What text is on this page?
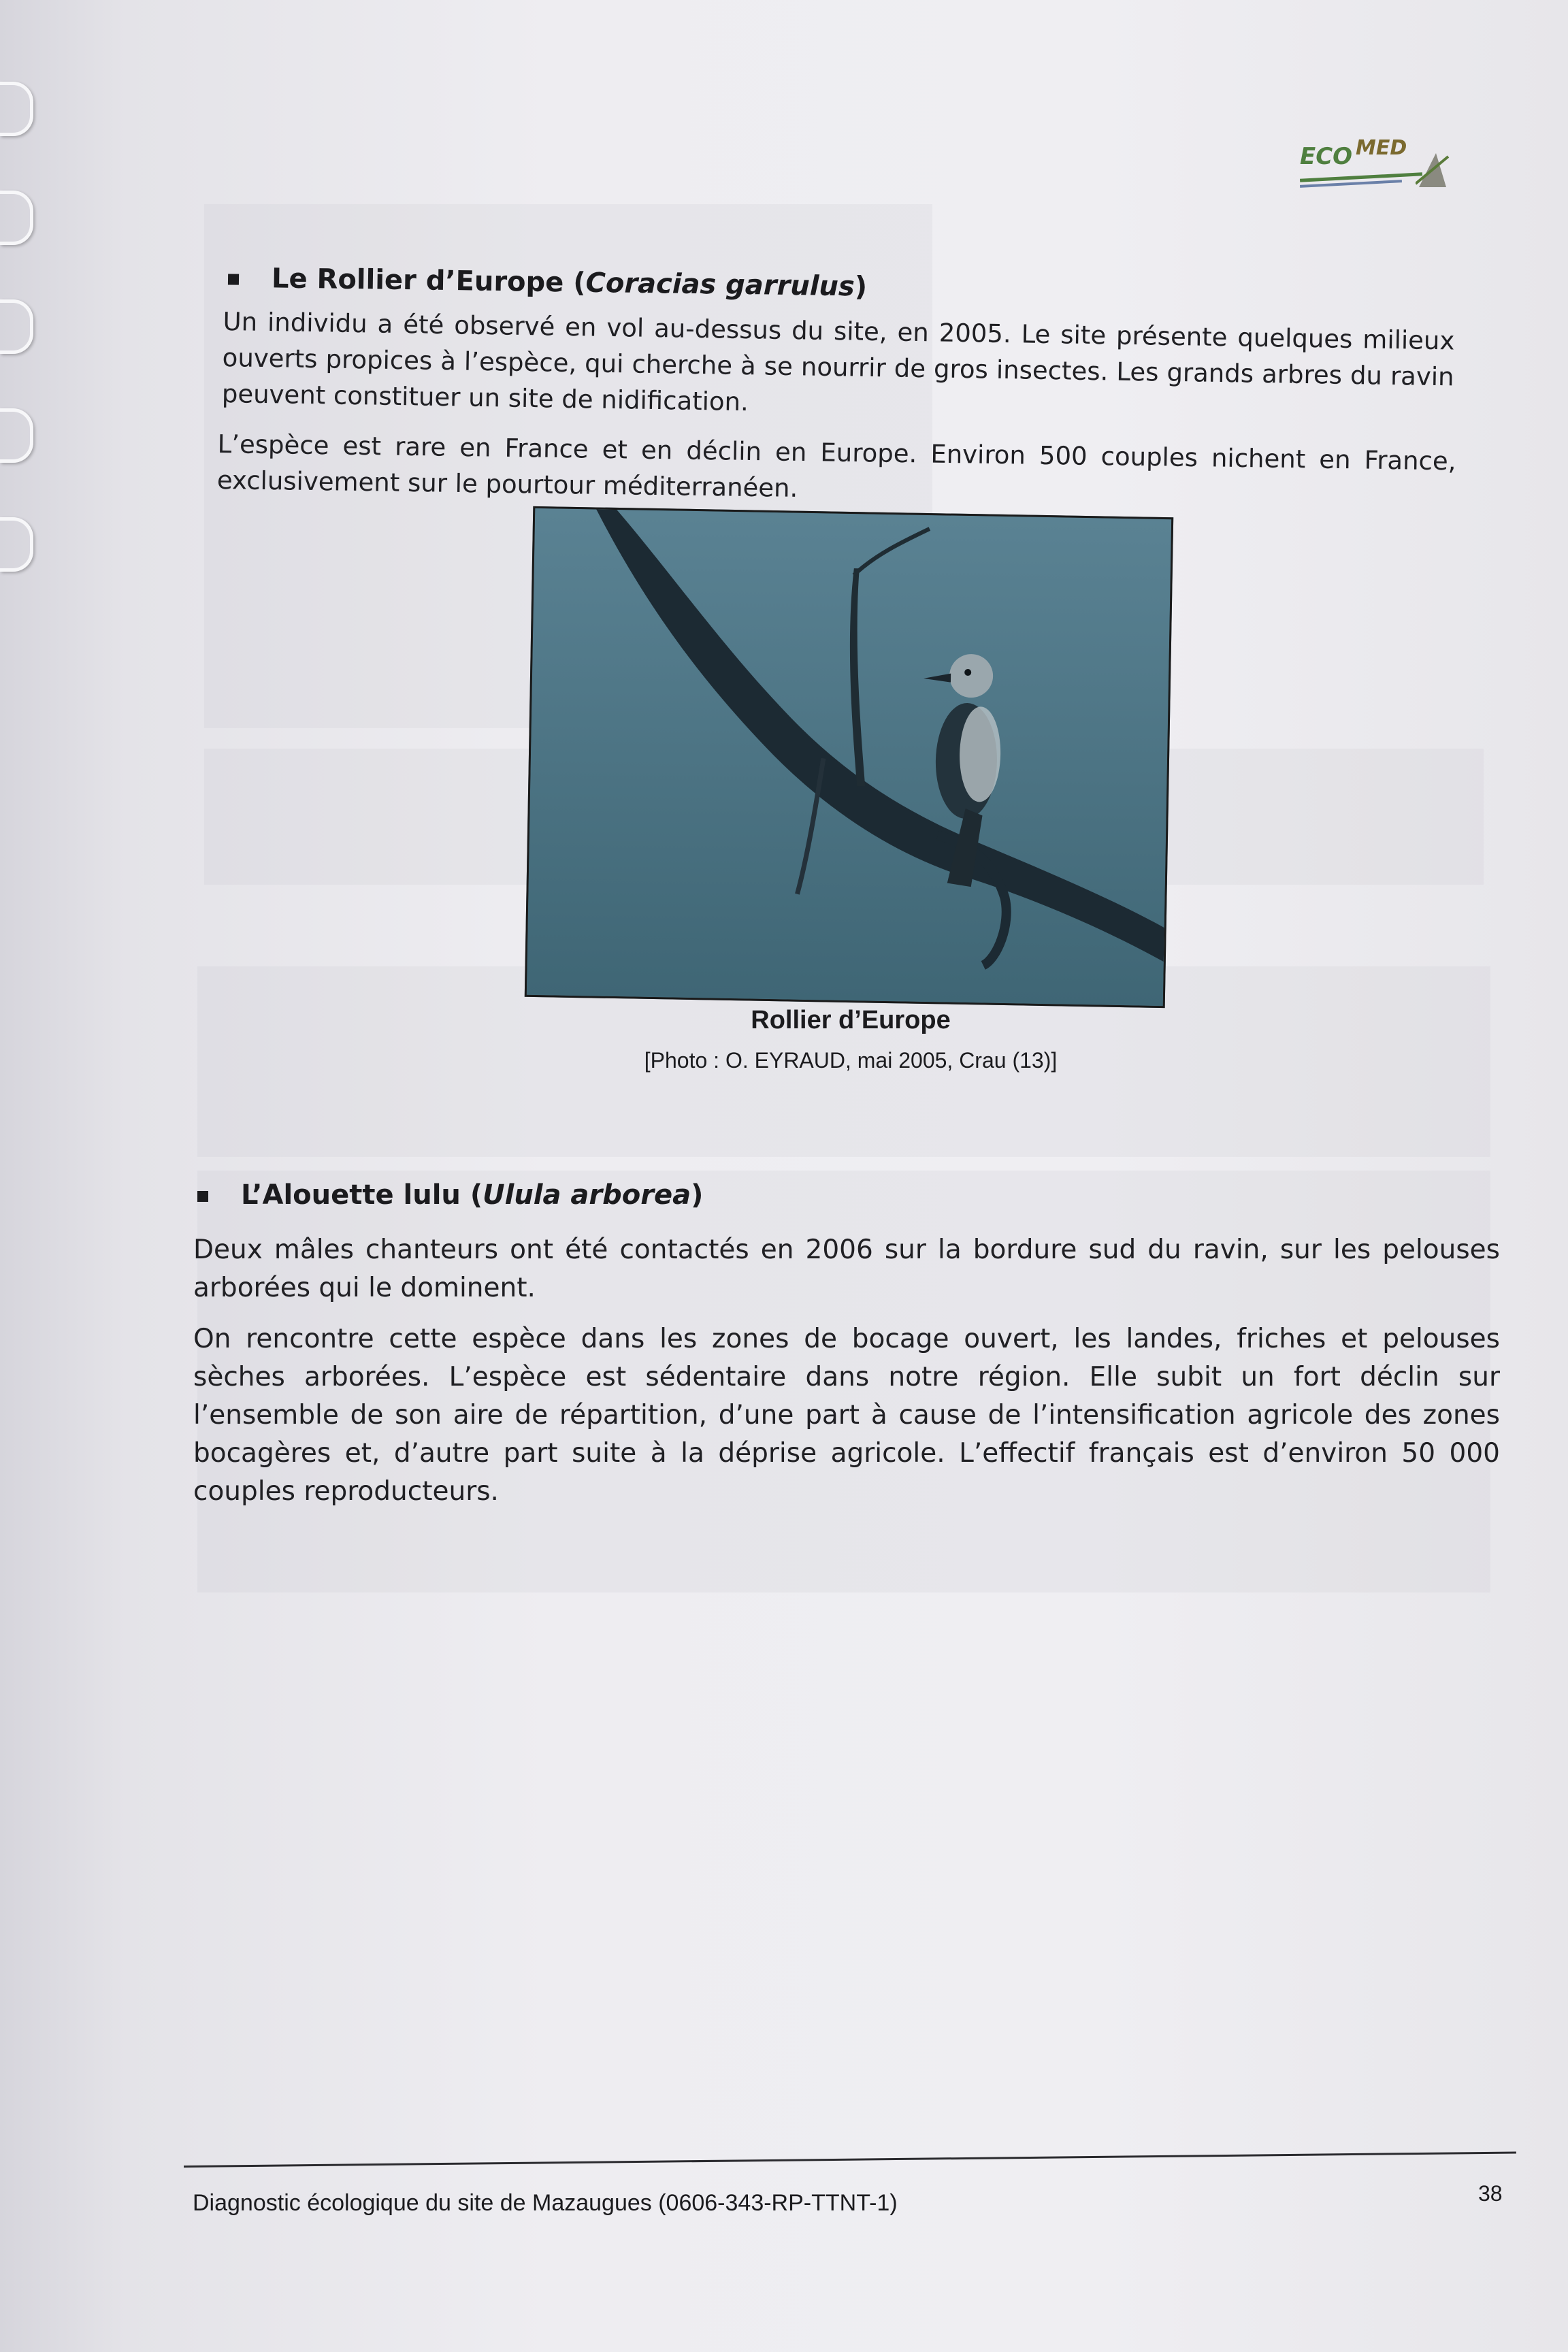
ECO MED
Le Rollier d’Europe (Coracias garrulus)

Un individu a été observé en vol au-dessus du site, en 2005. Le site présente quelques milieux ouverts propices à l’espèce, qui cherche à se nourrir de gros insectes. Les grands arbres du ravin peuvent constituer un site de nidification.

L’espèce est rare en France et en déclin en Europe. Environ 500 couples nichent en France, exclusivement sur le pourtour méditerranéen.

Rollier d’Europe
[Photo : O. EYRAUD, mai 2005, Crau (13)]
L’Alouette lulu (Ulula arborea)

Deux mâles chanteurs ont été contactés en 2006 sur la bordure sud du ravin, sur les pelouses arborées qui le dominent.

On rencontre cette espèce dans les zones de bocage ouvert, les landes, friches et pelouses sèches arborées. L’espèce est sédentaire dans notre région. Elle subit un fort déclin sur l’ensemble de son aire de répartition, d’une part à cause de l’intensification agricole des zones bocagères et, d’autre part suite à la déprise agricole. L’effectif français est d’environ 50 000 couples reproducteurs.

Diagnostic écologique du site de Mazaugues (0606-343-RP-TTNT-1)	38
